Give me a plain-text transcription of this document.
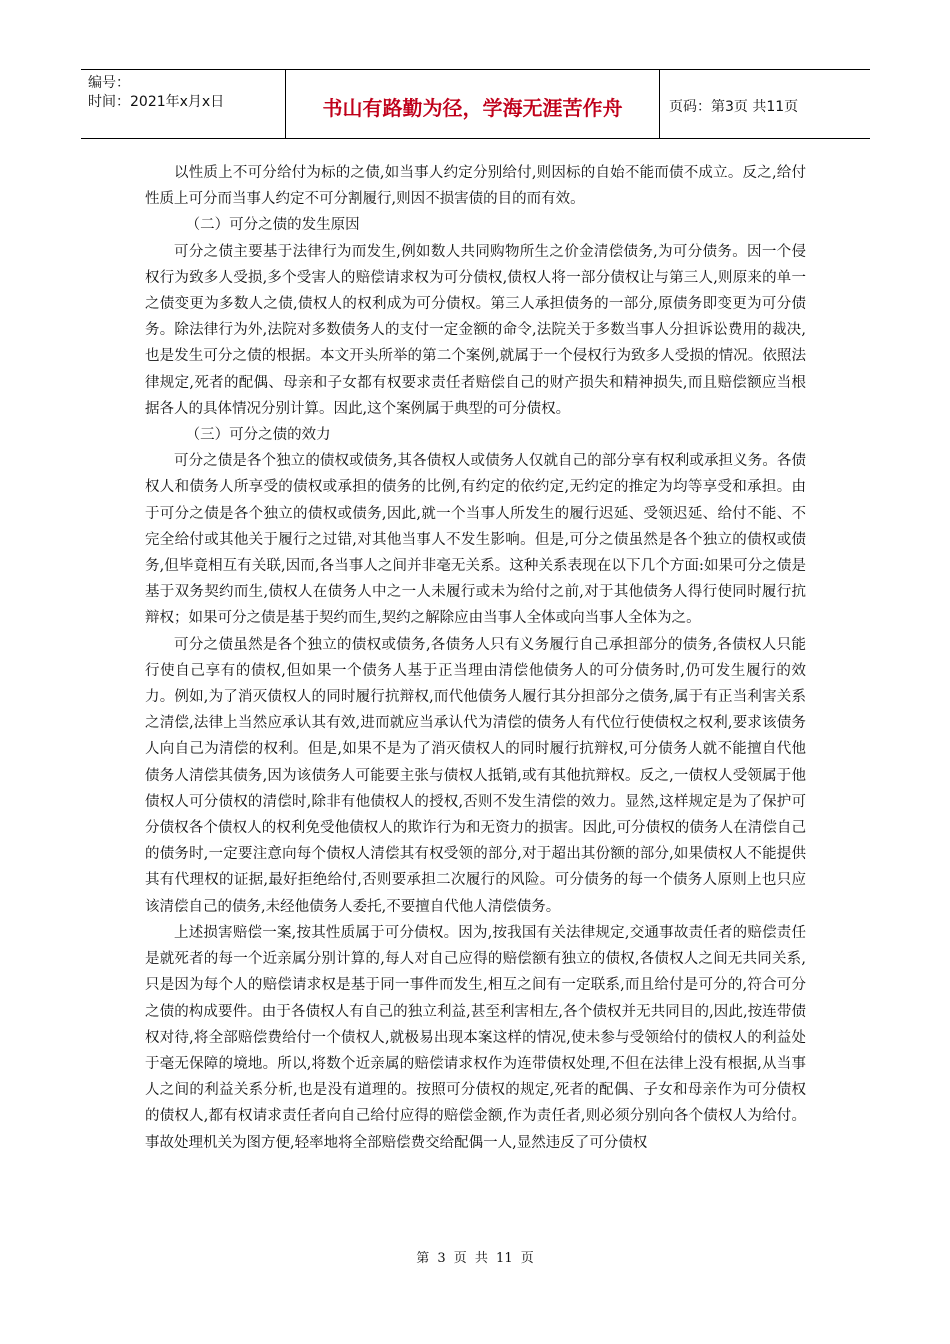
编号：
时间：2021年x月x日	书山有路勤为径，学海无涯苦作舟	页码：第3页 共11页

以性质上不可分给付为标的之债,如当事人约定分别给付,则因标的自始不能而债不成立。反之,给付性质上可分而当事人约定不可分割履行,则因不损害债的目的而有效。

（二）可分之债的发生原因

可分之债主要基于法律行为而发生,例如数人共同购物所生之价金清偿债务,为可分债务。因一个侵权行为致多人受损,多个受害人的赔偿请求权为可分债权,债权人将一部分债权让与第三人,则原来的单一之债变更为多数人之债,债权人的权利成为可分债权。第三人承担债务的一部分,原债务即变更为可分债务。除法律行为外,法院对多数债务人的支付一定金额的命令,法院关于多数当事人分担诉讼费用的裁决,也是发生可分之债的根据。本文开头所举的第二个案例,就属于一个侵权行为致多人受损的情况。依照法律规定,死者的配偶、母亲和子女都有权要求责任者赔偿自己的财产损失和精神损失,而且赔偿额应当根据各人的具体情况分别计算。因此,这个案例属于典型的可分债权。

（三）可分之债的效力

可分之债是各个独立的债权或债务,其各债权人或债务人仅就自己的部分享有权利或承担义务。各债权人和债务人所享受的债权或承担的债务的比例,有约定的依约定,无约定的推定为均等享受和承担。由于可分之债是各个独立的债权或债务,因此,就一个当事人所发生的履行迟延、受领迟延、给付不能、不完全给付或其他关于履行之过错,对其他当事人不发生影响。但是,可分之债虽然是各个独立的债权或债务,但毕竟相互有关联,因而,各当事人之间并非毫无关系。这种关系表现在以下几个方面:如果可分之债是基于双务契约而生,债权人在债务人中之一人未履行或未为给付之前,对于其他债务人得行使同时履行抗辩权；如果可分之债是基于契约而生,契约之解除应由当事人全体或向当事人全体为之。

可分之债虽然是各个独立的债权或债务,各债务人只有义务履行自己承担部分的债务,各债权人只能行使自己享有的债权,但如果一个债务人基于正当理由清偿他债务人的可分债务时,仍可发生履行的效力。例如,为了消灭债权人的同时履行抗辩权,而代他债务人履行其分担部分之债务,属于有正当利害关系之清偿,法律上当然应承认其有效,进而就应当承认代为清偿的债务人有代位行使债权之权利,要求该债务人向自己为清偿的权利。但是,如果不是为了消灭债权人的同时履行抗辩权,可分债务人就不能擅自代他债务人清偿其债务,因为该债务人可能要主张与债权人抵销,或有其他抗辩权。反之,一债权人受领属于他债权人可分债权的清偿时,除非有他债权人的授权,否则不发生清偿的效力。显然,这样规定是为了保护可分债权各个债权人的权利免受他债权人的欺诈行为和无资力的损害。因此,可分债权的债务人在清偿自己的债务时,一定要注意向每个债权人清偿其有权受领的部分,对于超出其份额的部分,如果债权人不能提供其有代理权的证据,最好拒绝给付,否则要承担二次履行的风险。可分债务的每一个债务人原则上也只应该清偿自己的债务,未经他债务人委托,不要擅自代他人清偿债务。

上述损害赔偿一案,按其性质属于可分债权。因为,按我国有关法律规定,交通事故责任者的赔偿责任是就死者的每一个近亲属分别计算的,每人对自己应得的赔偿额有独立的债权,各债权人之间无共同关系,只是因为每个人的赔偿请求权是基于同一事件而发生,相互之间有一定联系,而且给付是可分的,符合可分之债的构成要件。由于各债权人有自己的独立利益,甚至利害相左,各个债权并无共同目的,因此,按连带债权对待,将全部赔偿费给付一个债权人,就极易出现本案这样的情况,使未参与受领给付的债权人的利益处于毫无保障的境地。所以,将数个近亲属的赔偿请求权作为连带债权处理,不但在法律上没有根据,从当事人之间的利益关系分析,也是没有道理的。按照可分债权的规定,死者的配偶、子女和母亲作为可分债权的债权人,都有权请求责任者向自己给付应得的赔偿金额,作为责任者,则必须分别向各个债权人为给付。事故处理机关为图方便,轻率地将全部赔偿费交给配偶一人,显然违反了可分债权

第 3 页 共 11 页
